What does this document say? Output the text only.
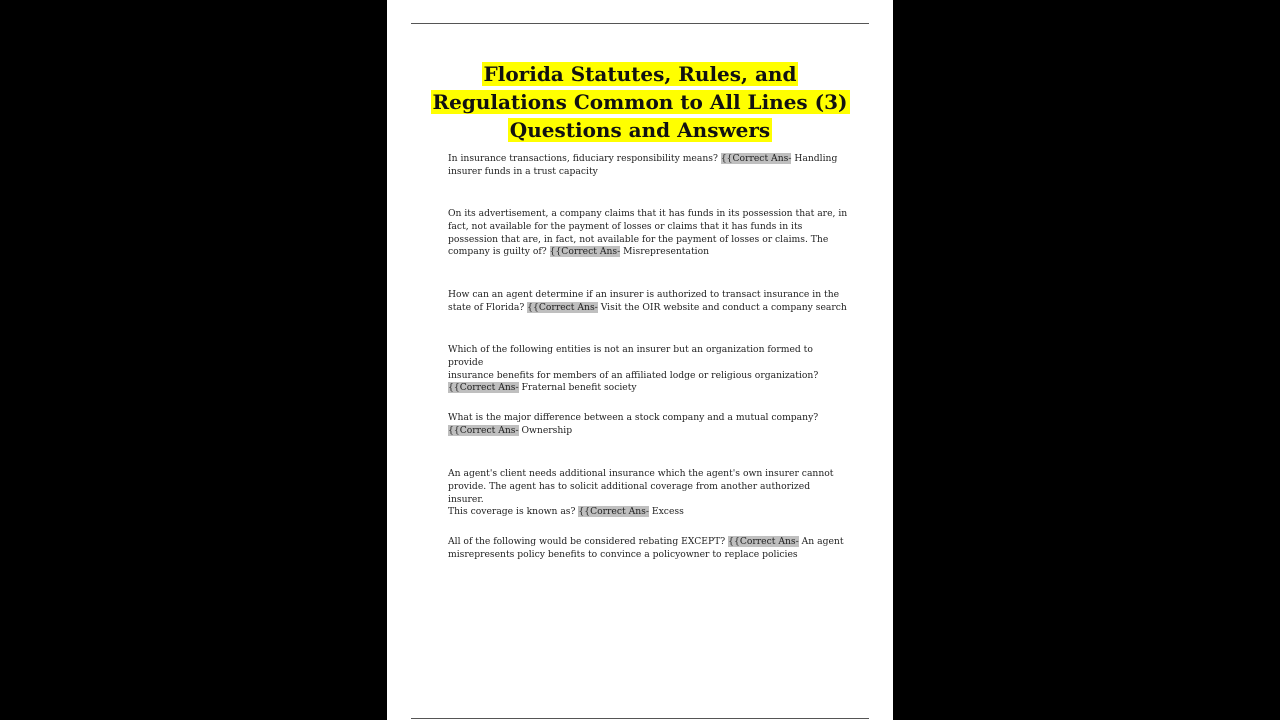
Florida Statutes, Rules, and
Regulations Common to All Lines (3)
Questions and Answers

In insurance transactions, fiduciary responsibility means? {{Correct Ans- Handling
insurer funds in a trust capacity

On its advertisement, a company claims that it has funds in its possession that are, in
fact, not available for the payment of losses or claims that it has funds in its
possession that are, in fact, not available for the payment of losses or claims. The
company is guilty of? {{Correct Ans- Misrepresentation

How can an agent determine if an insurer is authorized to transact insurance in the
state of Florida? {{Correct Ans- Visit the OIR website and conduct a company search

Which of the following entities is not an insurer but an organization formed to provide
insurance benefits for members of an affiliated lodge or religious organization?
{{Correct Ans- Fraternal benefit society

What is the major difference between a stock company and a mutual company?
{{Correct Ans- Ownership

An agent's client needs additional insurance which the agent's own insurer cannot
provide. The agent has to solicit additional coverage from another authorized insurer.
This coverage is known as? {{Correct Ans- Excess

All of the following would be considered rebating EXCEPT? {{Correct Ans- An agent
misrepresents policy benefits to convince a policyowner to replace policies
